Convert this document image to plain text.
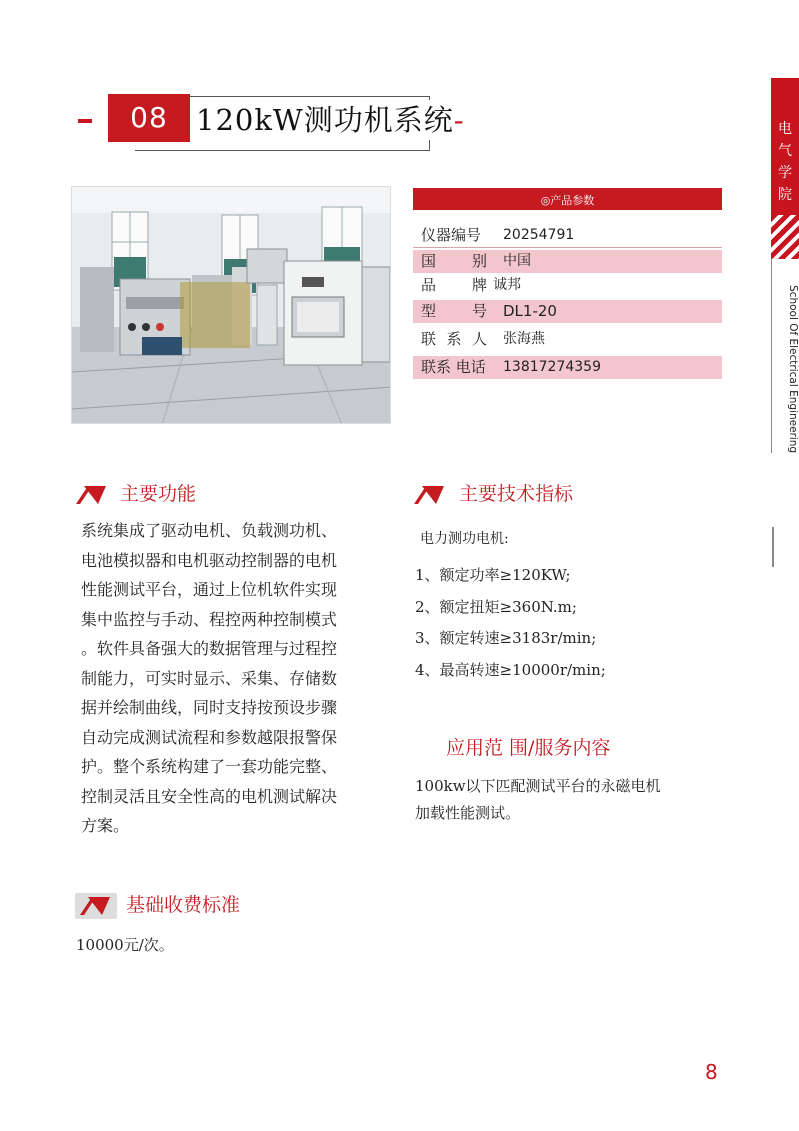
08 120kW测功机系统-	电
气
学
院
School Of Electrical Engineering
◎产品参数
仪器编号	20254791
国 别	中国
品 牌 诚邦
型 号	DL1-20
联 系 人	张海燕
联系 电话	13817274359
主要功能
系统集成了驱动电机、负载测功机、
电池模拟器和电机驱动控制器的电机
性能测试平台，通过上位机软件实现
集中监控与手动、程控两种控制模式
。软件具备强大的数据管理与过程控
制能力，可实时显示、采集、存储数
据并绘制曲线，同时支持按预设步骤
自动完成测试流程和参数越限报警保
护。整个系统构建了一套功能完整、
控制灵活且安全性高的电机测试解决
方案。
主要技术指标
电力测功电机:
1、额定功率≥120KW;
2、额定扭矩≥360N.m;
3、额定转速≥3183r/min;
4、最高转速≥10000r/min;
应用范 围/服务内容
100kw以下匹配测试平台的永磁电机
加载性能测试。
基础收费标准
10000元/次。
8
